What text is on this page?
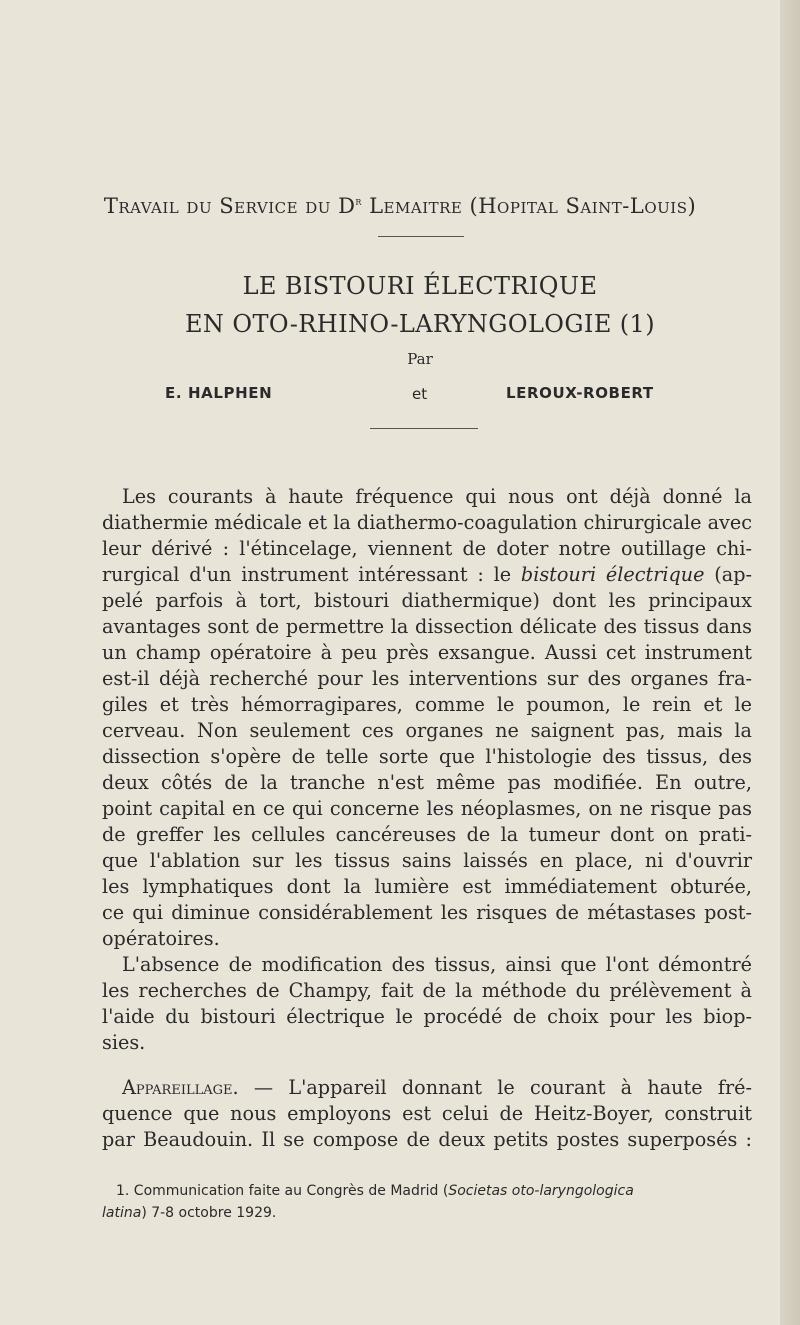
Travail du Service du $D^r$ Lemaitre (Hopital Saint-Louis)
LE BISTOURI ÉLECTRIQUE
EN OTO-RHINO-LARYNGOLOGIE (1)
Par
E. HALPHEN	et	LEROUX-ROBERT
Les courants à haute fréquence qui nous ont déjà donné la
diathermie médicale et la diathermo-coagulation chirurgicale avec
leur dérivé : l'étincelage, viennent de doter notre outillage chi-
rurgical d'un instrument intéressant : le bistouri électrique (ap-
pelé parfois à tort, bistouri diathermique) dont les principaux
avantages sont de permettre la dissection délicate des tissus dans
un champ opératoire à peu près exsangue. Aussi cet instrument
est-il déjà recherché pour les interventions sur des organes fra-
giles et très hémorragipares, comme le poumon, le rein et le
cerveau. Non seulement ces organes ne saignent pas, mais la
dissection s'opère de telle sorte que l'histologie des tissus, des
deux côtés de la tranche n'est même pas modifiée. En outre,
point capital en ce qui concerne les néoplasmes, on ne risque pas
de greffer les cellules cancéreuses de la tumeur dont on prati-
que l'ablation sur les tissus sains laissés en place, ni d'ouvrir
les lymphatiques dont la lumière est immédiatement obturée,
ce qui diminue considérablement les risques de métastases post-
opératoires.
L'absence de modification des tissus, ainsi que l'ont démontré
les recherches de Champy, fait de la méthode du prélèvement à
l'aide du bistouri électrique le procédé de choix pour les biop-
sies.
Appareillage. — L'appareil donnant le courant à haute fré-
quence que nous employons est celui de Heitz-Boyer, construit
par Beaudouin. Il se compose de deux petits postes superposés :
1. Communication faite au Congrès de Madrid (Societas oto-laryngologica
latina) 7-8 octobre 1929.
